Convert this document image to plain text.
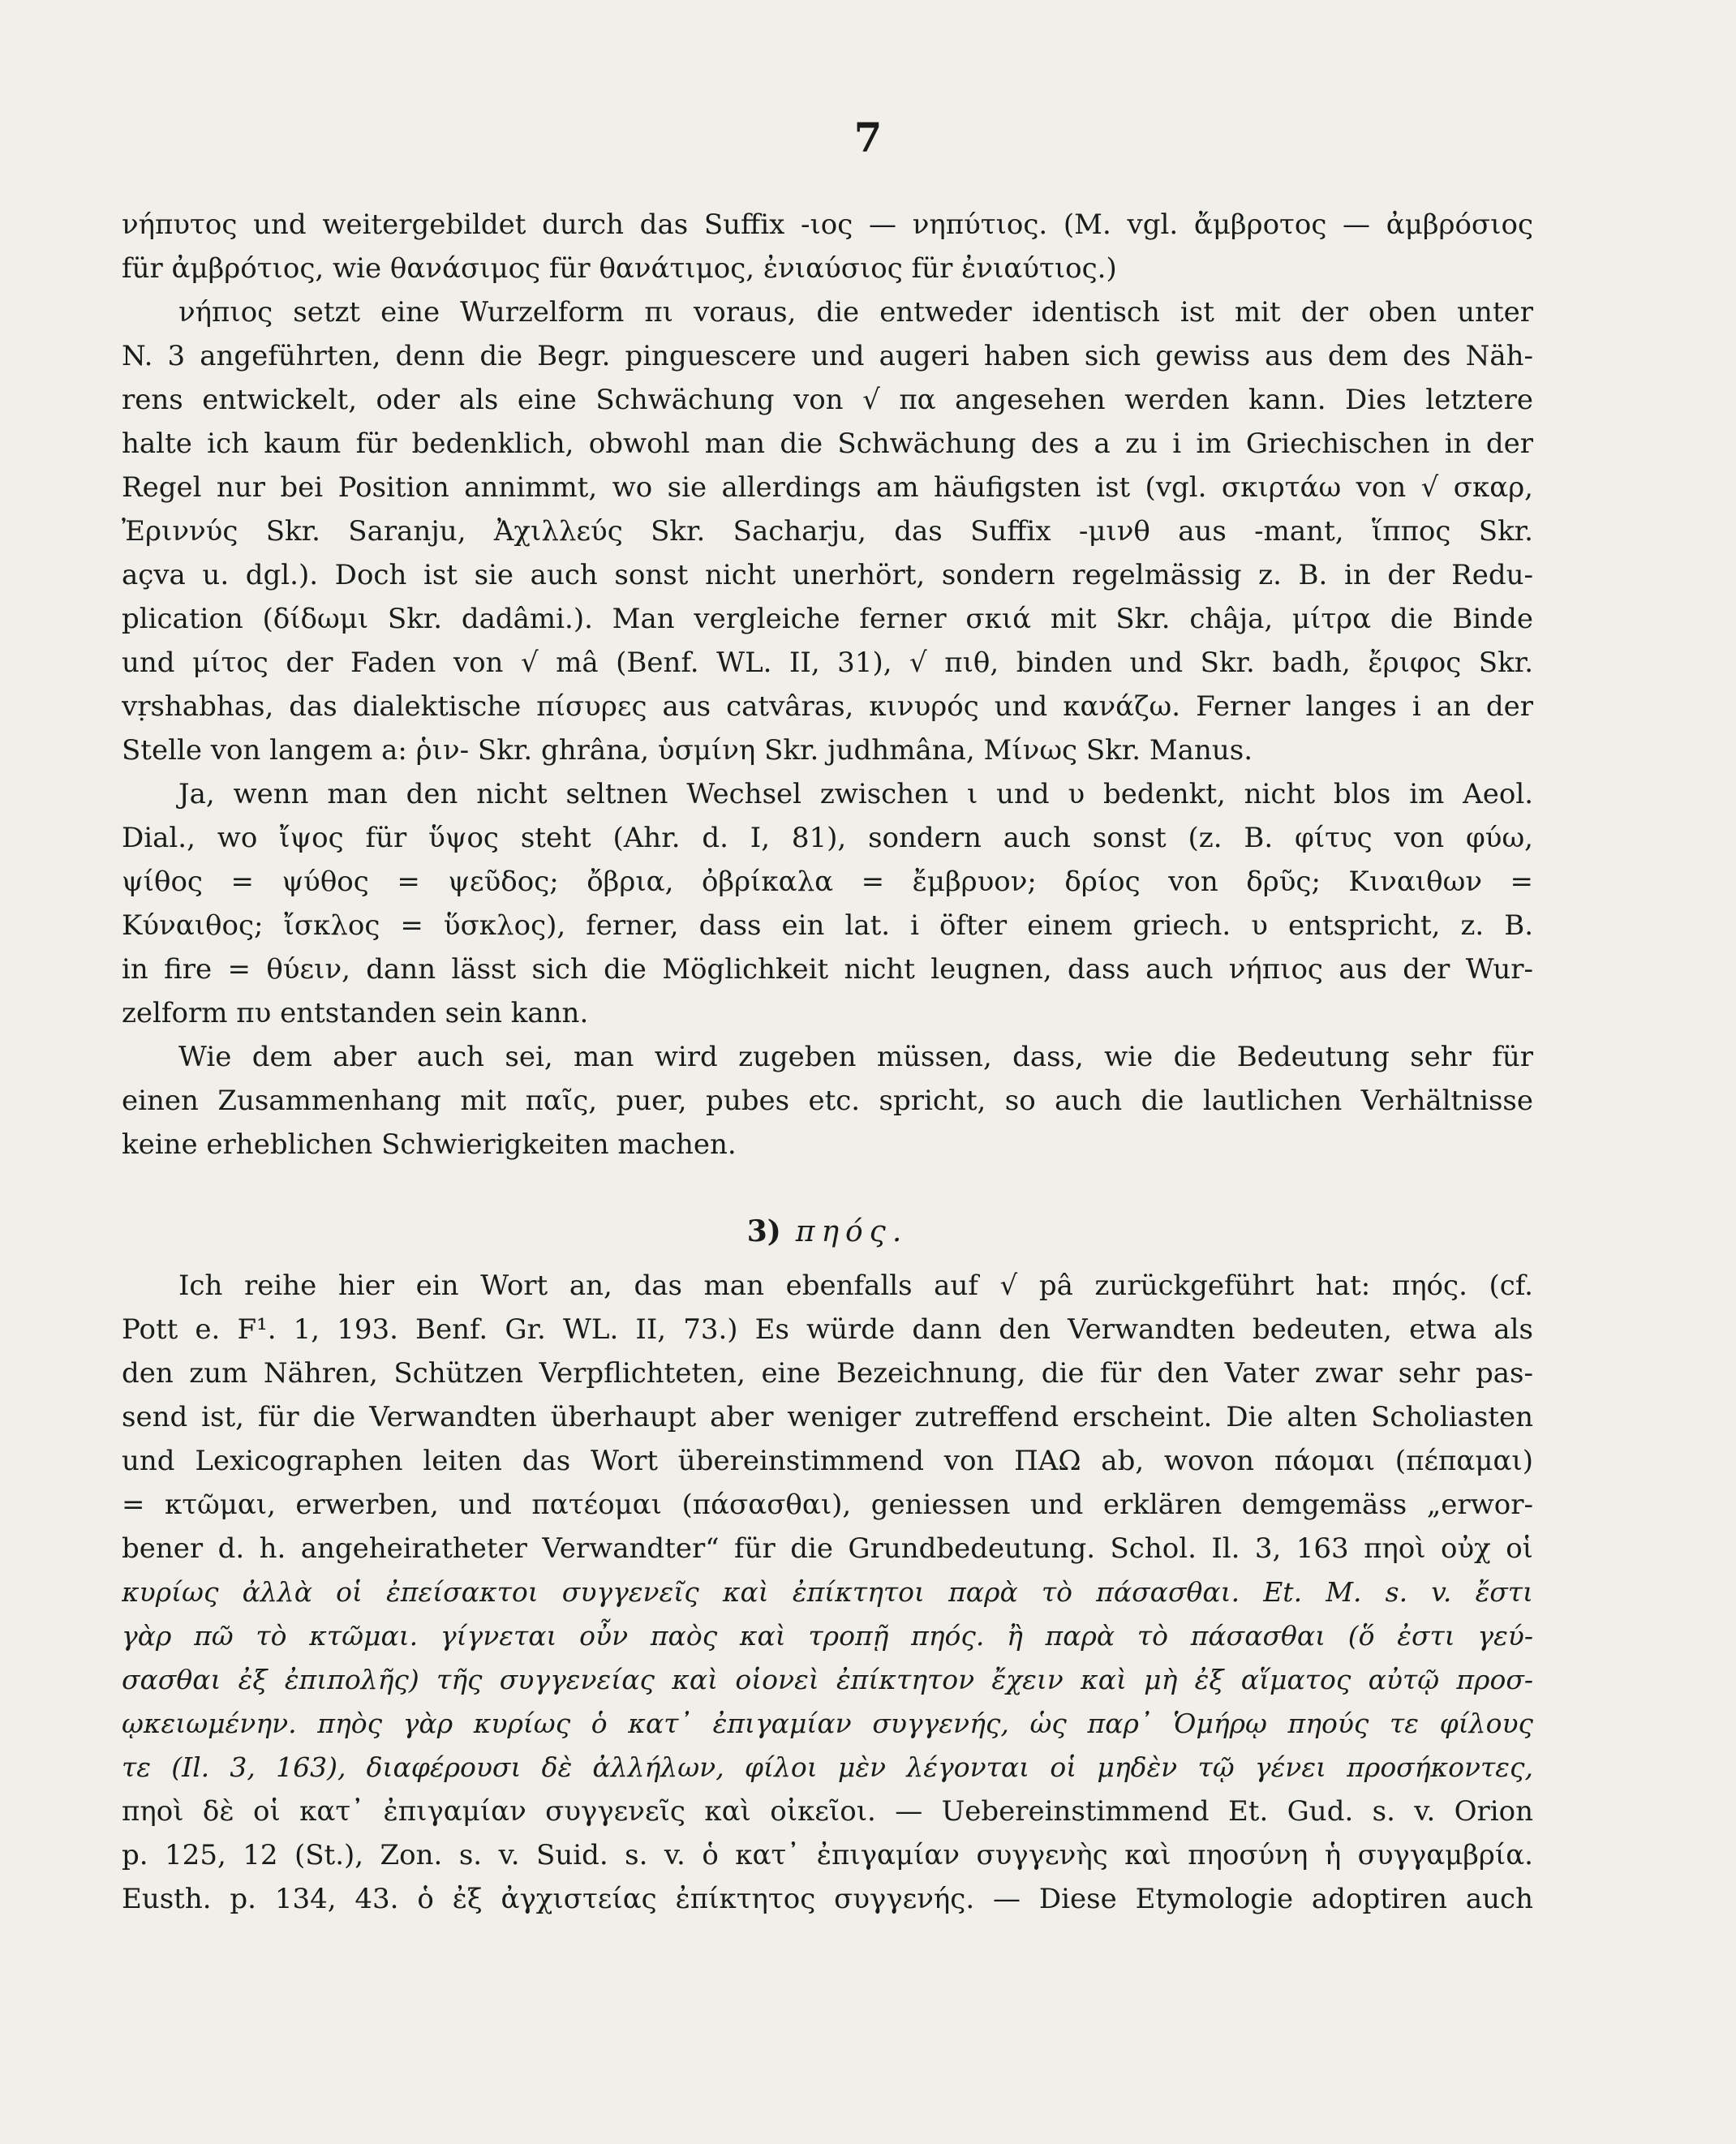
7
νήπυτος und weitergebildet durch das Suffix -ιος — νηπύτιος. (M. vgl. ἄμβροτος — ἀμβρόσιος
für ἀμβρότιος, wie θανάσιμος für θανάτιμος, ἐνιαύσιος für ἐνιαύτιος.)
νήπιος setzt eine Wurzelform πι voraus, die entweder identisch ist mit der oben unter
N. 3 angeführten, denn die Begr. pinguescere und augeri haben sich gewiss aus dem des Näh-
rens entwickelt, oder als eine Schwächung von √ πα angesehen werden kann. Dies letztere
halte ich kaum für bedenklich, obwohl man die Schwächung des a zu i im Griechischen in der
Regel nur bei Position annimmt, wo sie allerdings am häufigsten ist (vgl. σκιρτάω von √ σκαρ,
Ἐριννύς Skr. Saranju, Ἀχιλλεύς Skr. Sacharju, das Suffix -μινθ aus -mant, ἵππος Skr.
açva u. dgl.). Doch ist sie auch sonst nicht unerhört, sondern regelmässig z. B. in der Redu-
plication (δίδωμι Skr. dadâmi.). Man vergleiche ferner σκιά mit Skr. châja, μίτρα die Binde
und μίτος der Faden von √ mâ (Benf. WL. II, 31), √ πιθ, binden und Skr. badh, ἔριφος Skr.
vṛshabhas, das dialektische πίσυρες aus catvâras, κινυρός und κανάζω. Ferner langes i an der
Stelle von langem a: ῥιν- Skr. ghrâna, ὑσμίνη Skr. judhmâna, Μίνως Skr. Manus.
Ja, wenn man den nicht seltnen Wechsel zwischen ι und υ bedenkt, nicht blos im Aeol.
Dial., wo ἴψος für ὕψος steht (Ahr. d. I, 81), sondern auch sonst (z. B. φίτυς von φύω,
ψίθος = ψύθος = ψεῦδος; ὄβρια, ὀβρίκαλα = ἔμβρυον; δρίος von δρῦς; Κιναιθων =
Κύναιθος; ἴσκλος = ὕσκλος), ferner, dass ein lat. i öfter einem griech. υ entspricht, z. B.
in fire = θύειν, dann lässt sich die Möglichkeit nicht leugnen, dass auch νήπιος aus der Wur-
zelform πυ entstanden sein kann.
Wie dem aber auch sei, man wird zugeben müssen, dass, wie die Bedeutung sehr für
einen Zusammenhang mit παῖς, puer, pubes etc. spricht, so auch die lautlichen Verhältnisse
keine erheblichen Schwierigkeiten machen.
3) πηός.
Ich reihe hier ein Wort an, das man ebenfalls auf √ pâ zurückgeführt hat: πηός. (cf.
Pott e. F¹. 1, 193. Benf. Gr. WL. II, 73.) Es würde dann den Verwandten bedeuten, etwa als
den zum Nähren, Schützen Verpflichteten, eine Bezeichnung, die für den Vater zwar sehr pas-
send ist, für die Verwandten überhaupt aber weniger zutreffend erscheint. Die alten Scholiasten
und Lexicographen leiten das Wort übereinstimmend von ΠΑΩ ab, wovon πάομαι (πέπαμαι)
= κτῶμαι, erwerben, und πατέομαι (πάσασθαι), geniessen und erklären demgemäss „erwor-
bener d. h. angeheiratheter Verwandter“ für die Grundbedeutung. Schol. Il. 3, 163 πηοὶ οὐχ οἱ
κυρίως ἀλλὰ οἱ ἐπείσακτοι συγγενεῖς καὶ ἐπίκτητοι παρὰ τὸ πάσασθαι. Et. M. s. v. ἔστι
γὰρ πῶ τὸ κτῶμαι. γίγνεται οὖν παὸς καὶ τροπῇ πηός. ἢ παρὰ τὸ πάσασθαι (ὅ ἐστι γεύ-
σασθαι ἐξ ἐπιπολῆς) τῆς συγγενείας καὶ οἱονεὶ ἐπίκτητον ἔχειν καὶ μὴ ἐξ αἵματος αὐτῷ προσ-
ῳκειωμένην. πηὸς γὰρ κυρίως ὁ κατ᾽ ἐπιγαμίαν συγγενής, ὡς παρ᾽ Ὁμήρῳ πηούς τε φίλους
τε (Il. 3, 163), διαφέρουσι δὲ ἀλλήλων, φίλοι μὲν λέγονται οἱ μηδὲν τῷ γένει προσήκοντες,
πηοὶ δὲ οἱ κατ᾽ ἐπιγαμίαν συγγενεῖς καὶ οἰκεῖοι. — Uebereinstimmend Et. Gud. s. v. Orion
p. 125, 12 (St.), Zon. s. v. Suid. s. v. ὁ κατ᾽ ἐπιγαμίαν συγγενὴς καὶ πηοσύνη ἡ συγγαμβρία.
Eusth. p. 134, 43. ὁ ἐξ ἀγχιστείας ἐπίκτητος συγγενής. — Diese Etymologie adoptiren auch
